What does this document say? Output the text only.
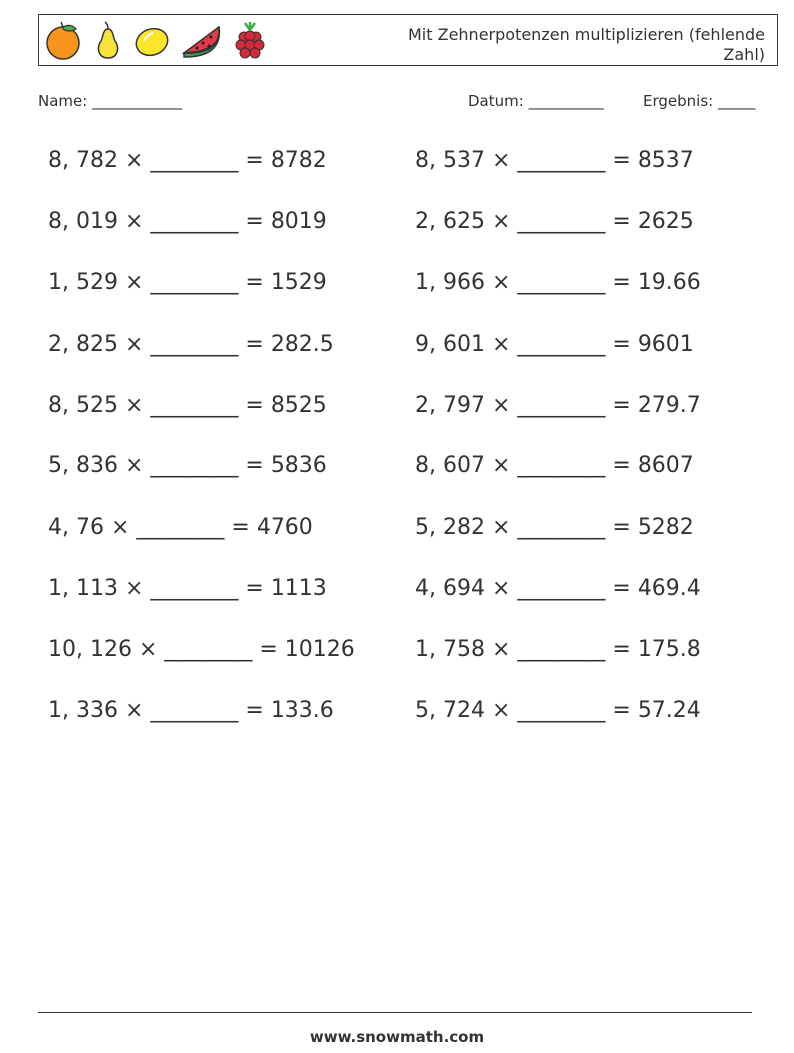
Mit Zehnerpotenzen multiplizieren (fehlende Zahl)
Name: ____________	Datum: __________	Ergebnis: _____
8, 782 × ________ = 8782	8, 537 × ________ = 8537
8, 019 × ________ = 8019	2, 625 × ________ = 2625
1, 529 × ________ = 1529	1, 966 × ________ = 19.66
2, 825 × ________ = 282.5	9, 601 × ________ = 9601
8, 525 × ________ = 8525	2, 797 × ________ = 279.7
5, 836 × ________ = 5836	8, 607 × ________ = 8607
4, 76 × ________ = 4760	5, 282 × ________ = 5282
1, 113 × ________ = 1113	4, 694 × ________ = 469.4
10, 126 × ________ = 10126	1, 758 × ________ = 175.8
1, 336 × ________ = 133.6	5, 724 × ________ = 57.24
www.snowmath.com
